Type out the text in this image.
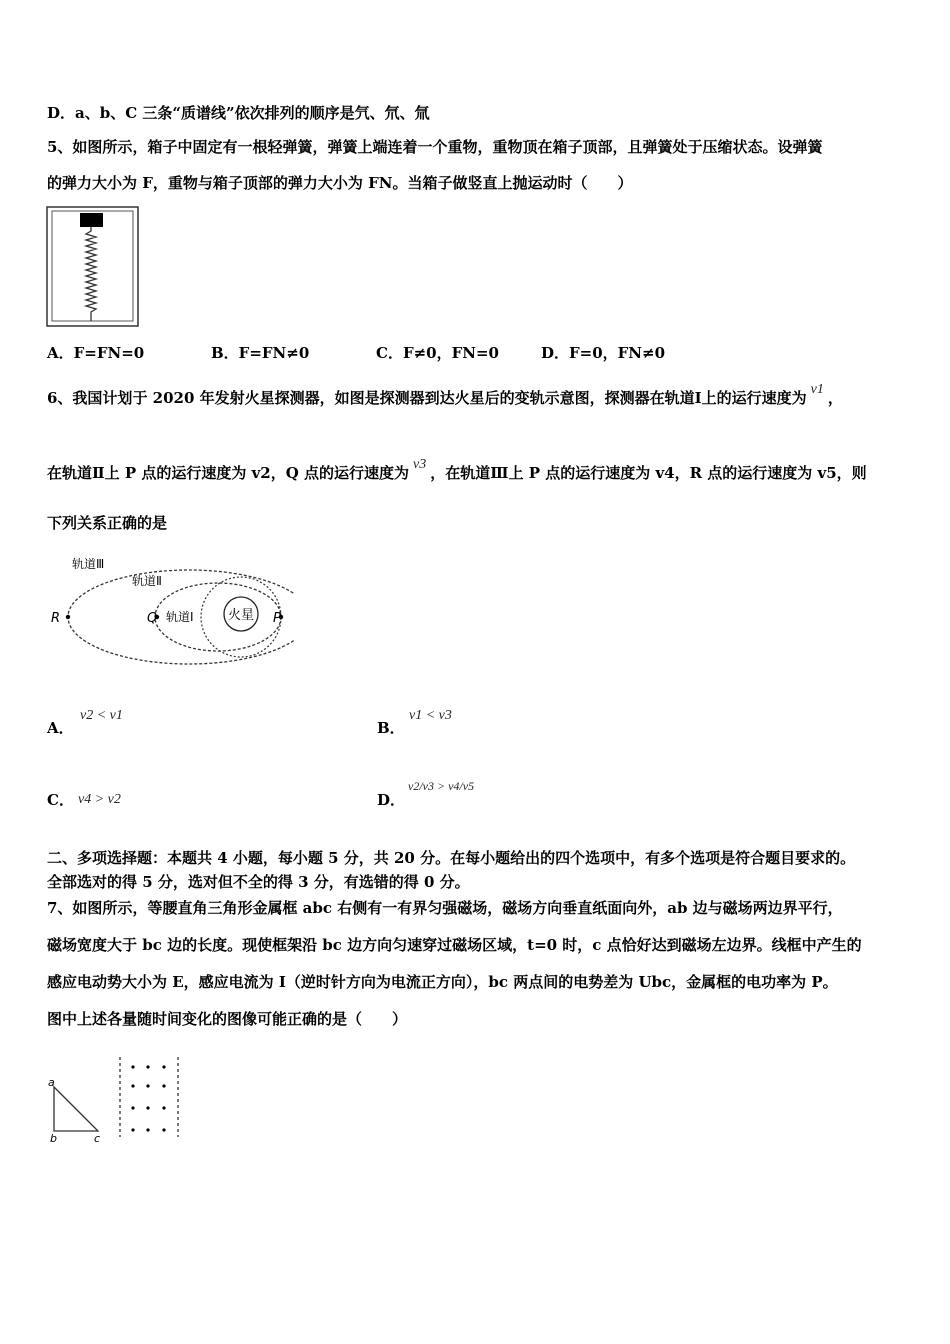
D．a、b、C 三条“质谱线”依次排列的顺序是氕、氘、氚
5、如图所示，箱子中固定有一根轻弹簧，弹簧上端连着一个重物，重物顶在箱子顶部，且弹簧处于压缩状态。设弹簧
的弹力大小为 F，重物与箱子顶部的弹力大小为 FN。当箱子做竖直上抛运动时（　　）
A．F=FN=0	B．F=FN≠0	C．F≠0，FN=0	D．F=0，FN≠0
6、我国计划于 2020 年发射火星探测器，如图是探测器到达火星后的变轨示意图，探测器在轨道Ⅰ上的运行速度为 v1 ，
在轨道Ⅱ上 P 点的运行速度为 v2，Q 点的运行速度为 v3 ，在轨道Ⅲ上 P 点的运行速度为 v4，R 点的运行速度为 v5，则
下列关系正确的是
火星
轨道Ⅲ
轨道Ⅱ
轨道Ⅰ
R	Q	P
A．
v2 < v1
B．
v1 < v3
C． v4 > v2	D．
v2/v3 > v4/v5
二、多项选择题：本题共 4 小题，每小题 5 分，共 20 分。在每小题给出的四个选项中，有多个选项是符合题目要求的。
全部选对的得 5 分，选对但不全的得 3 分，有选错的得 0 分。
7、如图所示，等腰直角三角形金属框 abc 右侧有一有界匀强磁场，磁场方向垂直纸面向外，ab 边与磁场两边界平行，
磁场宽度大于 bc 边的长度。现使框架沿 bc 边方向匀速穿过磁场区域，t=0 时，c 点恰好达到磁场左边界。线框中产生的
感应电动势大小为 E，感应电流为 I（逆时针方向为电流正方向），bc 两点间的电势差为 Ubc，金属框的电功率为 P。
图中上述各量随时间变化的图像可能正确的是（　　）
a
b	c
